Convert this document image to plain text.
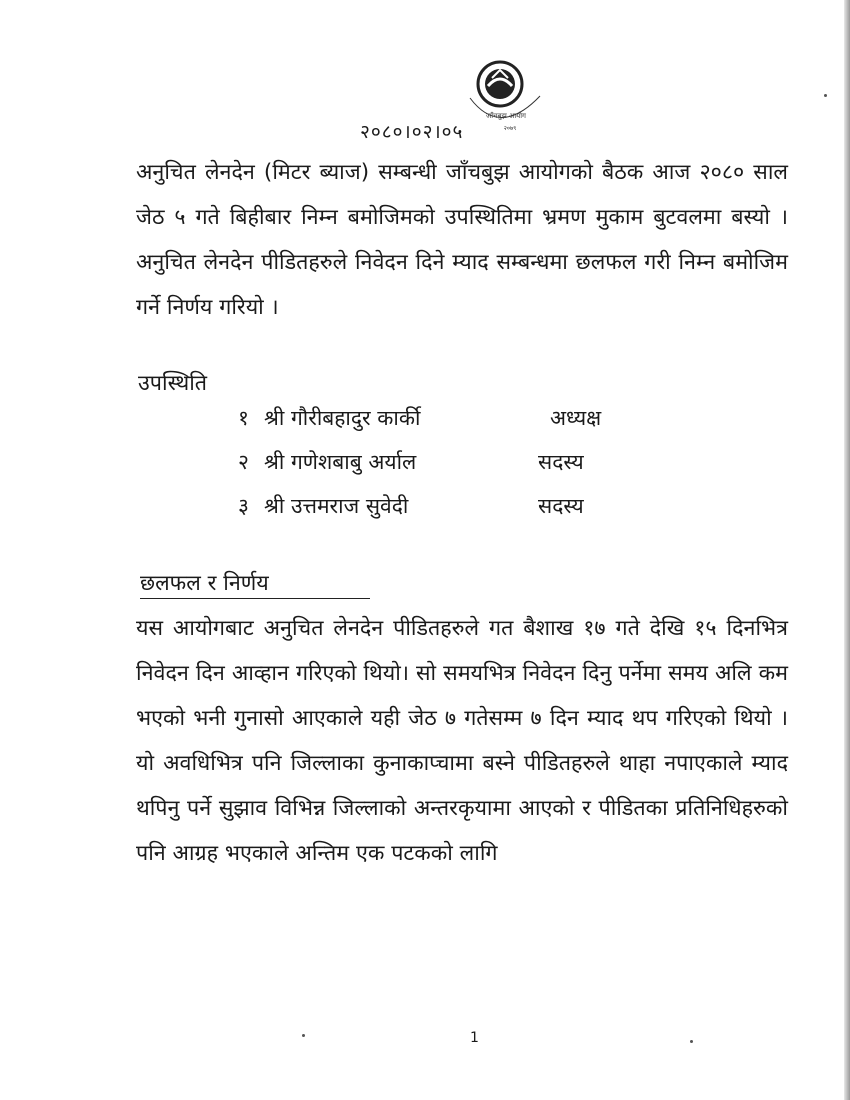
जाँचबुझ आयोग
२०७९
२०८०।०२।०५
अनुचित लेनदेन (मिटर ब्याज) सम्बन्धी जाँचबुझ आयोगको बैठक आज २०८० साल जेठ ५ गते बिहीबार निम्न बमोजिमको उपस्थितिमा भ्रमण मुकाम बुटवलमा बस्यो । अनुचित लेनदेन पीडितहरुले निवेदन दिने म्याद सम्बन्धमा छलफल गरी निम्न बमोजिम गर्ने निर्णय गरियो ।
उपस्थिति
१ श्री गौरीबहादुर कार्की	अध्यक्ष
२ श्री गणेशबाबु अर्याल	सदस्य
३ श्री उत्तमराज सुवेदी	सदस्य
छलफल र निर्णय
यस आयोगबाट अनुचित लेनदेन पीडितहरुले गत बैशाख १७ गते देखि १५ दिनभित्र निवेदन दिन आव्हान गरिएको थियो। सो समयभित्र निवेदन दिनु पर्नेमा समय अलि कम भएको भनी गुनासो आएकाले यही जेठ ७ गतेसम्म ७ दिन म्याद थप गरिएको थियो । यो अवधिभित्र पनि जिल्लाका कुनाकाप्चामा बस्ने पीडितहरुले थाहा नपाएकाले म्याद थपिनु पर्ने सुझाव विभिन्न जिल्लाको अन्तरकृयामा आएको र पीडितका प्रतिनिधिहरुको पनि आग्रह भएकाले अन्तिम एक पटकको लागि
1
